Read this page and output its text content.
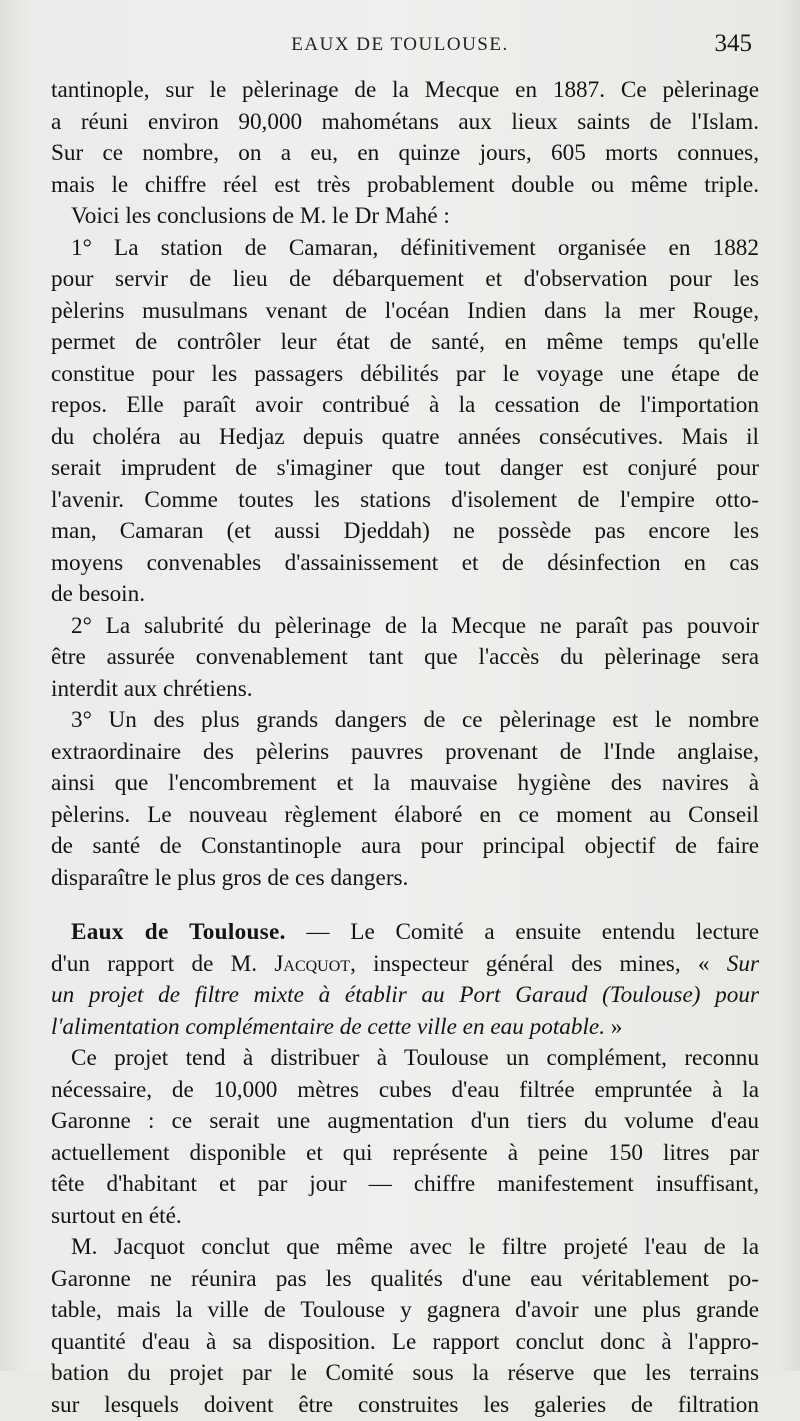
EAUX DE TOULOUSE.	345

tantinople, sur le pèlerinage de la Mecque en 1887. Ce pèlerinage

a réuni environ 90,000 mahométans aux lieux saints de l'Islam.

Sur ce nombre, on a eu, en quinze jours, 605 morts connues,

mais le chiffre réel est très probablement double ou même triple.

Voici les conclusions de M. le Dr Mahé :

1° La station de Camaran, définitivement organisée en 1882

pour servir de lieu de débarquement et d'observation pour les

pèlerins musulmans venant de l'océan Indien dans la mer Rouge,

permet de contrôler leur état de santé, en même temps qu'elle

constitue pour les passagers débilités par le voyage une étape de

repos. Elle paraît avoir contribué à la cessation de l'importation

du choléra au Hedjaz depuis quatre années consécutives. Mais il

serait imprudent de s'imaginer que tout danger est conjuré pour

l'avenir. Comme toutes les stations d'isolement de l'empire otto-

man, Camaran (et aussi Djeddah) ne possède pas encore les

moyens convenables d'assainissement et de désinfection en cas

de besoin.

2° La salubrité du pèlerinage de la Mecque ne paraît pas pouvoir

être assurée convenablement tant que l'accès du pèlerinage sera

interdit aux chrétiens.

3° Un des plus grands dangers de ce pèlerinage est le nombre

extraordinaire des pèlerins pauvres provenant de l'Inde anglaise,

ainsi que l'encombrement et la mauvaise hygiène des navires à

pèlerins. Le nouveau règlement élaboré en ce moment au Conseil

de santé de Constantinople aura pour principal objectif de faire

disparaître le plus gros de ces dangers.

Eaux de Toulouse. — Le Comité a ensuite entendu lecture

d'un rapport de M. Jacquot, inspecteur général des mines, « Sur

un projet de filtre mixte à établir au Port Garaud (Toulouse) pour

l'alimentation complémentaire de cette ville en eau potable. »

Ce projet tend à distribuer à Toulouse un complément, reconnu

nécessaire, de 10,000 mètres cubes d'eau filtrée empruntée à la

Garonne : ce serait une augmentation d'un tiers du volume d'eau

actuellement disponible et qui représente à peine 150 litres par

tête d'habitant et par jour — chiffre manifestement insuffisant,

surtout en été.

M. Jacquot conclut que même avec le filtre projeté l'eau de la

Garonne ne réunira pas les qualités d'une eau véritablement po-

table, mais la ville de Toulouse y gagnera d'avoir une plus grande

quantité d'eau à sa disposition. Le rapport conclut donc à l'appro-

bation du projet par le Comité sous la réserve que les terrains

sur lesquels doivent être construites les galeries de filtration
